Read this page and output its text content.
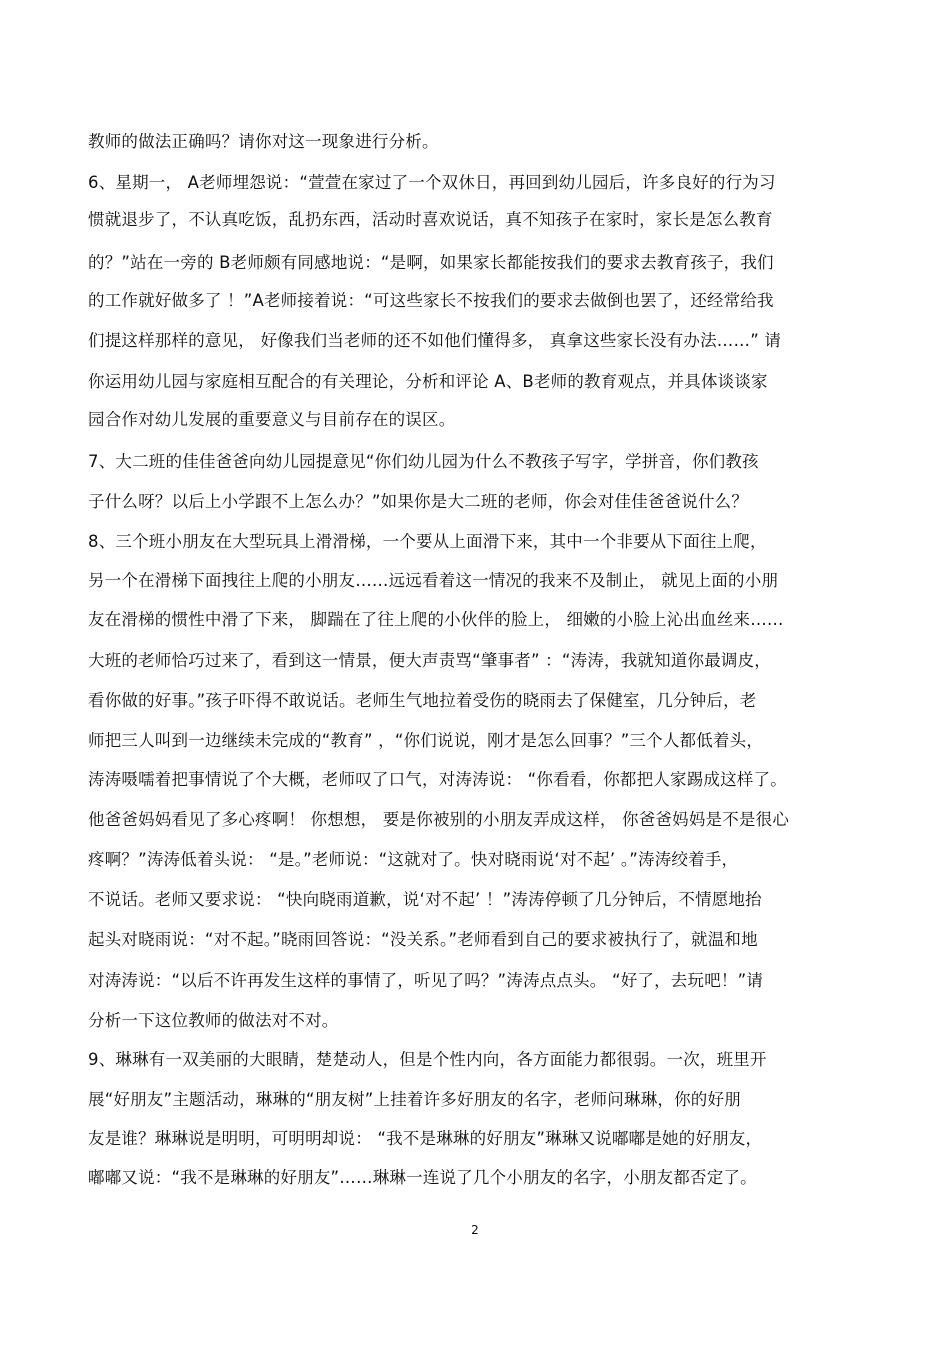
教师的做法正确吗？请你对这一现象进行分析。
6、星期一， A老师埋怨说：“萱萱在家过了一个双休日，再回到幼儿园后，许多良好的行为习
惯就退步了，不认真吃饭，乱扔东西，活动时喜欢说话，真不知孩子在家时，家长是怎么教育
的？”站在一旁的 B老师颇有同感地说：“是啊，如果家长都能按我们的要求去教育孩子，我们
的工作就好做多了 ！”A老师接着说：“可这些家长不按我们的要求去做倒也罢了，还经常给我
们提这样那样的意见， 好像我们当老师的还不如他们懂得多， 真拿这些家长没有办法……” 请
你运用幼儿园与家庭相互配合的有关理论，分析和评论 A、B老师的教育观点，并具体谈谈家
园合作对幼儿发展的重要意义与目前存在的误区。
7、大二班的佳佳爸爸向幼儿园提意见“你们幼儿园为什么不教孩子写字，学拼音，你们教孩
子什么呀？以后上小学跟不上怎么办？”如果你是大二班的老师，你会对佳佳爸爸说什么？
8、三个班小朋友在大型玩具上滑滑梯，一个要从上面滑下来，其中一个非要从下面往上爬，
另一个在滑梯下面拽往上爬的小朋友……远远看着这一情况的我来不及制止， 就见上面的小朋
友在滑梯的惯性中滑了下来， 脚踹在了往上爬的小伙伴的脸上， 细嫩的小脸上沁出血丝来……
大班的老师恰巧过来了，看到这一情景，便大声责骂“肇事者” ：“涛涛，我就知道你最调皮，
看你做的好事。”孩子吓得不敢说话。老师生气地拉着受伤的晓雨去了保健室，几分钟后，老
师把三人叫到一边继续未完成的“教育” ，“你们说说，刚才是怎么回事？”三个人都低着头，
涛涛嗫嚅着把事情说了个大概，老师叹了口气，对涛涛说： “你看看，你都把人家踢成这样了。
他爸爸妈妈看见了多心疼啊！ 你想想， 要是你被别的小朋友弄成这样， 你爸爸妈妈是不是很心
疼啊？”涛涛低着头说： “是。”老师说：“这就对了。快对晓雨说‘对不起’ 。”涛涛绞着手，
不说话。老师又要求说： “快向晓雨道歉，说‘对不起’ ！”涛涛停顿了几分钟后，不情愿地抬
起头对晓雨说：“对不起。”晓雨回答说：“没关系。”老师看到自己的要求被执行了，就温和地
对涛涛说：“以后不许再发生这样的事情了，听见了吗？”涛涛点点头。 “好了，去玩吧！”请
分析一下这位教师的做法对不对。
9、琳琳有一双美丽的大眼睛，楚楚动人，但是个性内向，各方面能力都很弱。一次，班里开
展“好朋友”主题活动，琳琳的“朋友树”上挂着许多好朋友的名字，老师问琳琳，你的好朋
友是谁？琳琳说是明明，可明明却说： “我不是琳琳的好朋友”琳琳又说嘟嘟是她的好朋友，
嘟嘟又说：“我不是琳琳的好朋友”……琳琳一连说了几个小朋友的名字，小朋友都否定了。
2
